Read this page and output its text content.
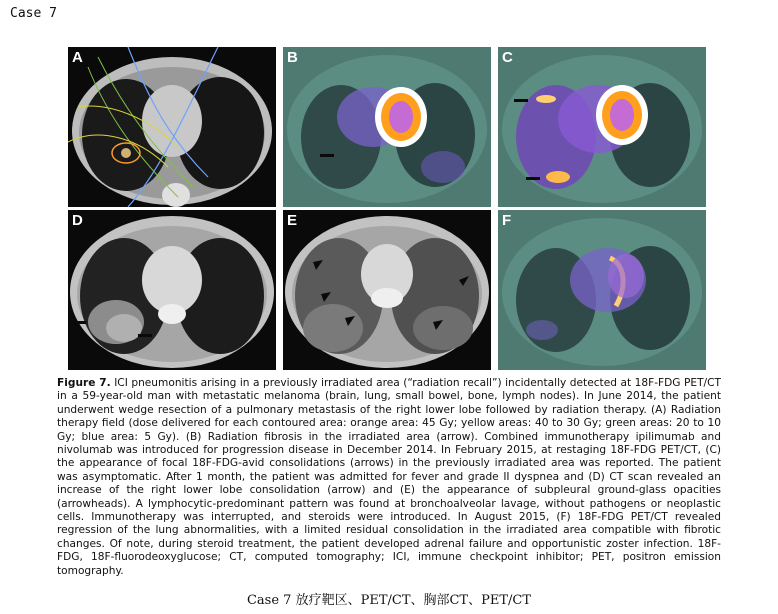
Case 7
A	B	C
D	E	F
Figure 7. ICI pneumonitis arising in a previously irradiated area (“radiation recall”) incidentally detected at 18F-FDG PET/CT in a 59-year-old man with metastatic melanoma (brain, lung, small bowel, bone, lymph nodes). In June 2014, the patient underwent wedge resection of a pulmonary metastasis of the right lower lobe followed by radiation therapy. (A) Radiation therapy field (dose delivered for each contoured area: orange area: 45 Gy; yellow areas: 40 to 30 Gy; green areas: 20 to 10 Gy; blue area: 5 Gy). (B) Radiation fibrosis in the irradiated area (arrow). Combined immunotherapy ipilimumab and nivolumab was introduced for progression disease in December 2014. In February 2015, at restaging 18F-FDG PET/CT, (C) the appearance of focal 18F-FDG-avid consolidations (arrows) in the previously irradiated area was reported. The patient was asymptomatic. After 1 month, the patient was admitted for fever and grade II dyspnea and (D) CT scan revealed an increase of the right lower lobe consolidation (arrow) and (E) the appearance of subpleural ground-glass opacities (arrowheads). A lymphocytic-predominant pattern was found at bronchoalveolar lavage, without pathogens or neoplastic cells. Immunotherapy was interrupted, and steroids were introduced. In August 2015, (F) 18F-FDG PET/CT revealed regression of the lung abnormalities, with a limited residual consolidation in the irradiated area compatible with fibrotic changes. Of note, during steroid treatment, the patient developed adrenal failure and opportunistic zoster infection. 18F-FDG, 18F-fluorodeoxyglucose; CT, computed tomography; ICI, immune checkpoint inhibitor; PET, positron emission tomography.
Case 7 放疗靶区、PET/CT、胸部CT、PET/CT
